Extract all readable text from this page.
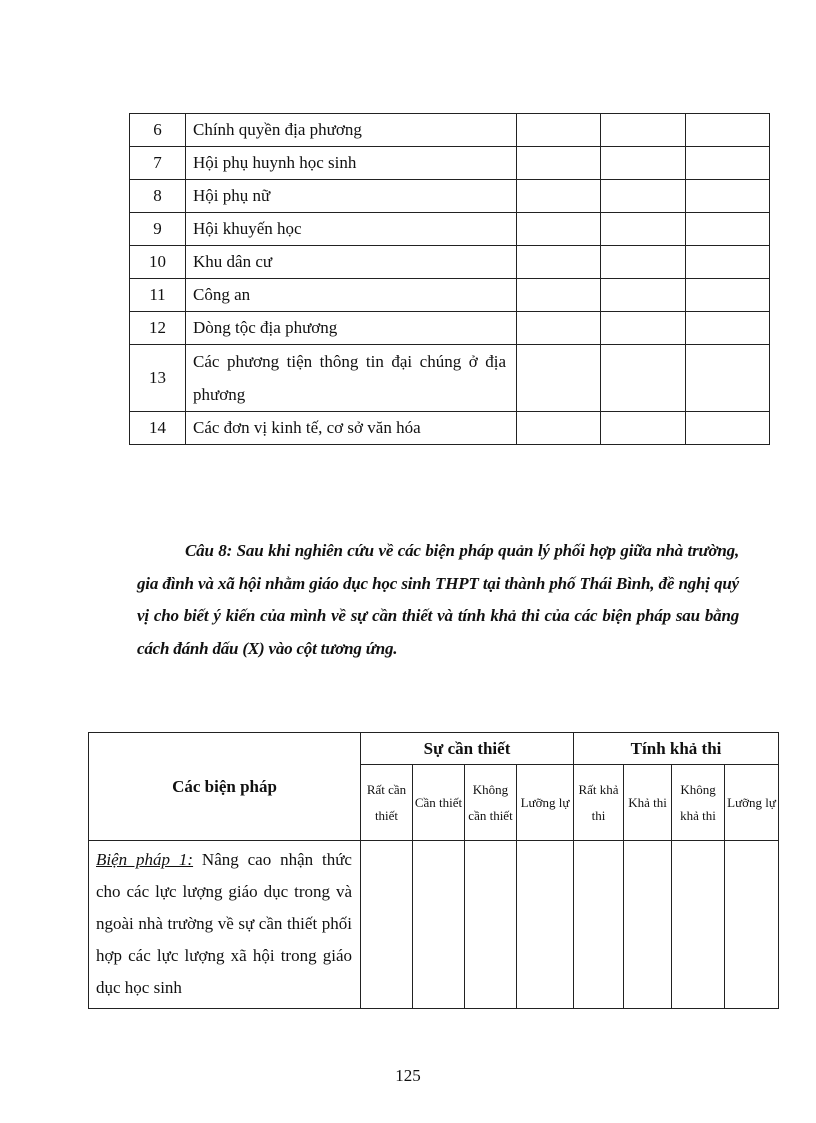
6	Chính quyền địa phương			
7	Hội phụ huynh học sinh			
8	Hội phụ nữ			
9	Hội khuyến học			
10	Khu dân cư			
11	Công an			
12	Dòng tộc địa phương			
13	Các phương tiện thông tin đại chúng ở địa phương			
14	Các đơn vị kinh tế, cơ sở văn hóa			

Câu 8: Sau khi nghiên cứu về các biện pháp quản lý phối hợp giữa nhà trường, gia đình và xã hội nhằm giáo dục học sinh THPT tại thành phố Thái Bình, đề nghị quý vị cho biết ý kiến của mình về sự cần thiết và tính khả thi của các biện pháp sau bằng cách đánh dấu (X) vào cột tương ứng.

Các biện pháp	Sự cần thiết				Tính khả thi			
	Rất cần thiết	Cần thiết	Không cần thiết	Lưỡng lự	Rất khả thi	Khả thi	Không khả thi	Lưỡng lự
Biện pháp 1: Nâng cao nhận thức cho các lực lượng giáo dục trong và ngoài nhà trường về sự cần thiết phối hợp các lực lượng xã hội trong giáo dục học sinh								
125
